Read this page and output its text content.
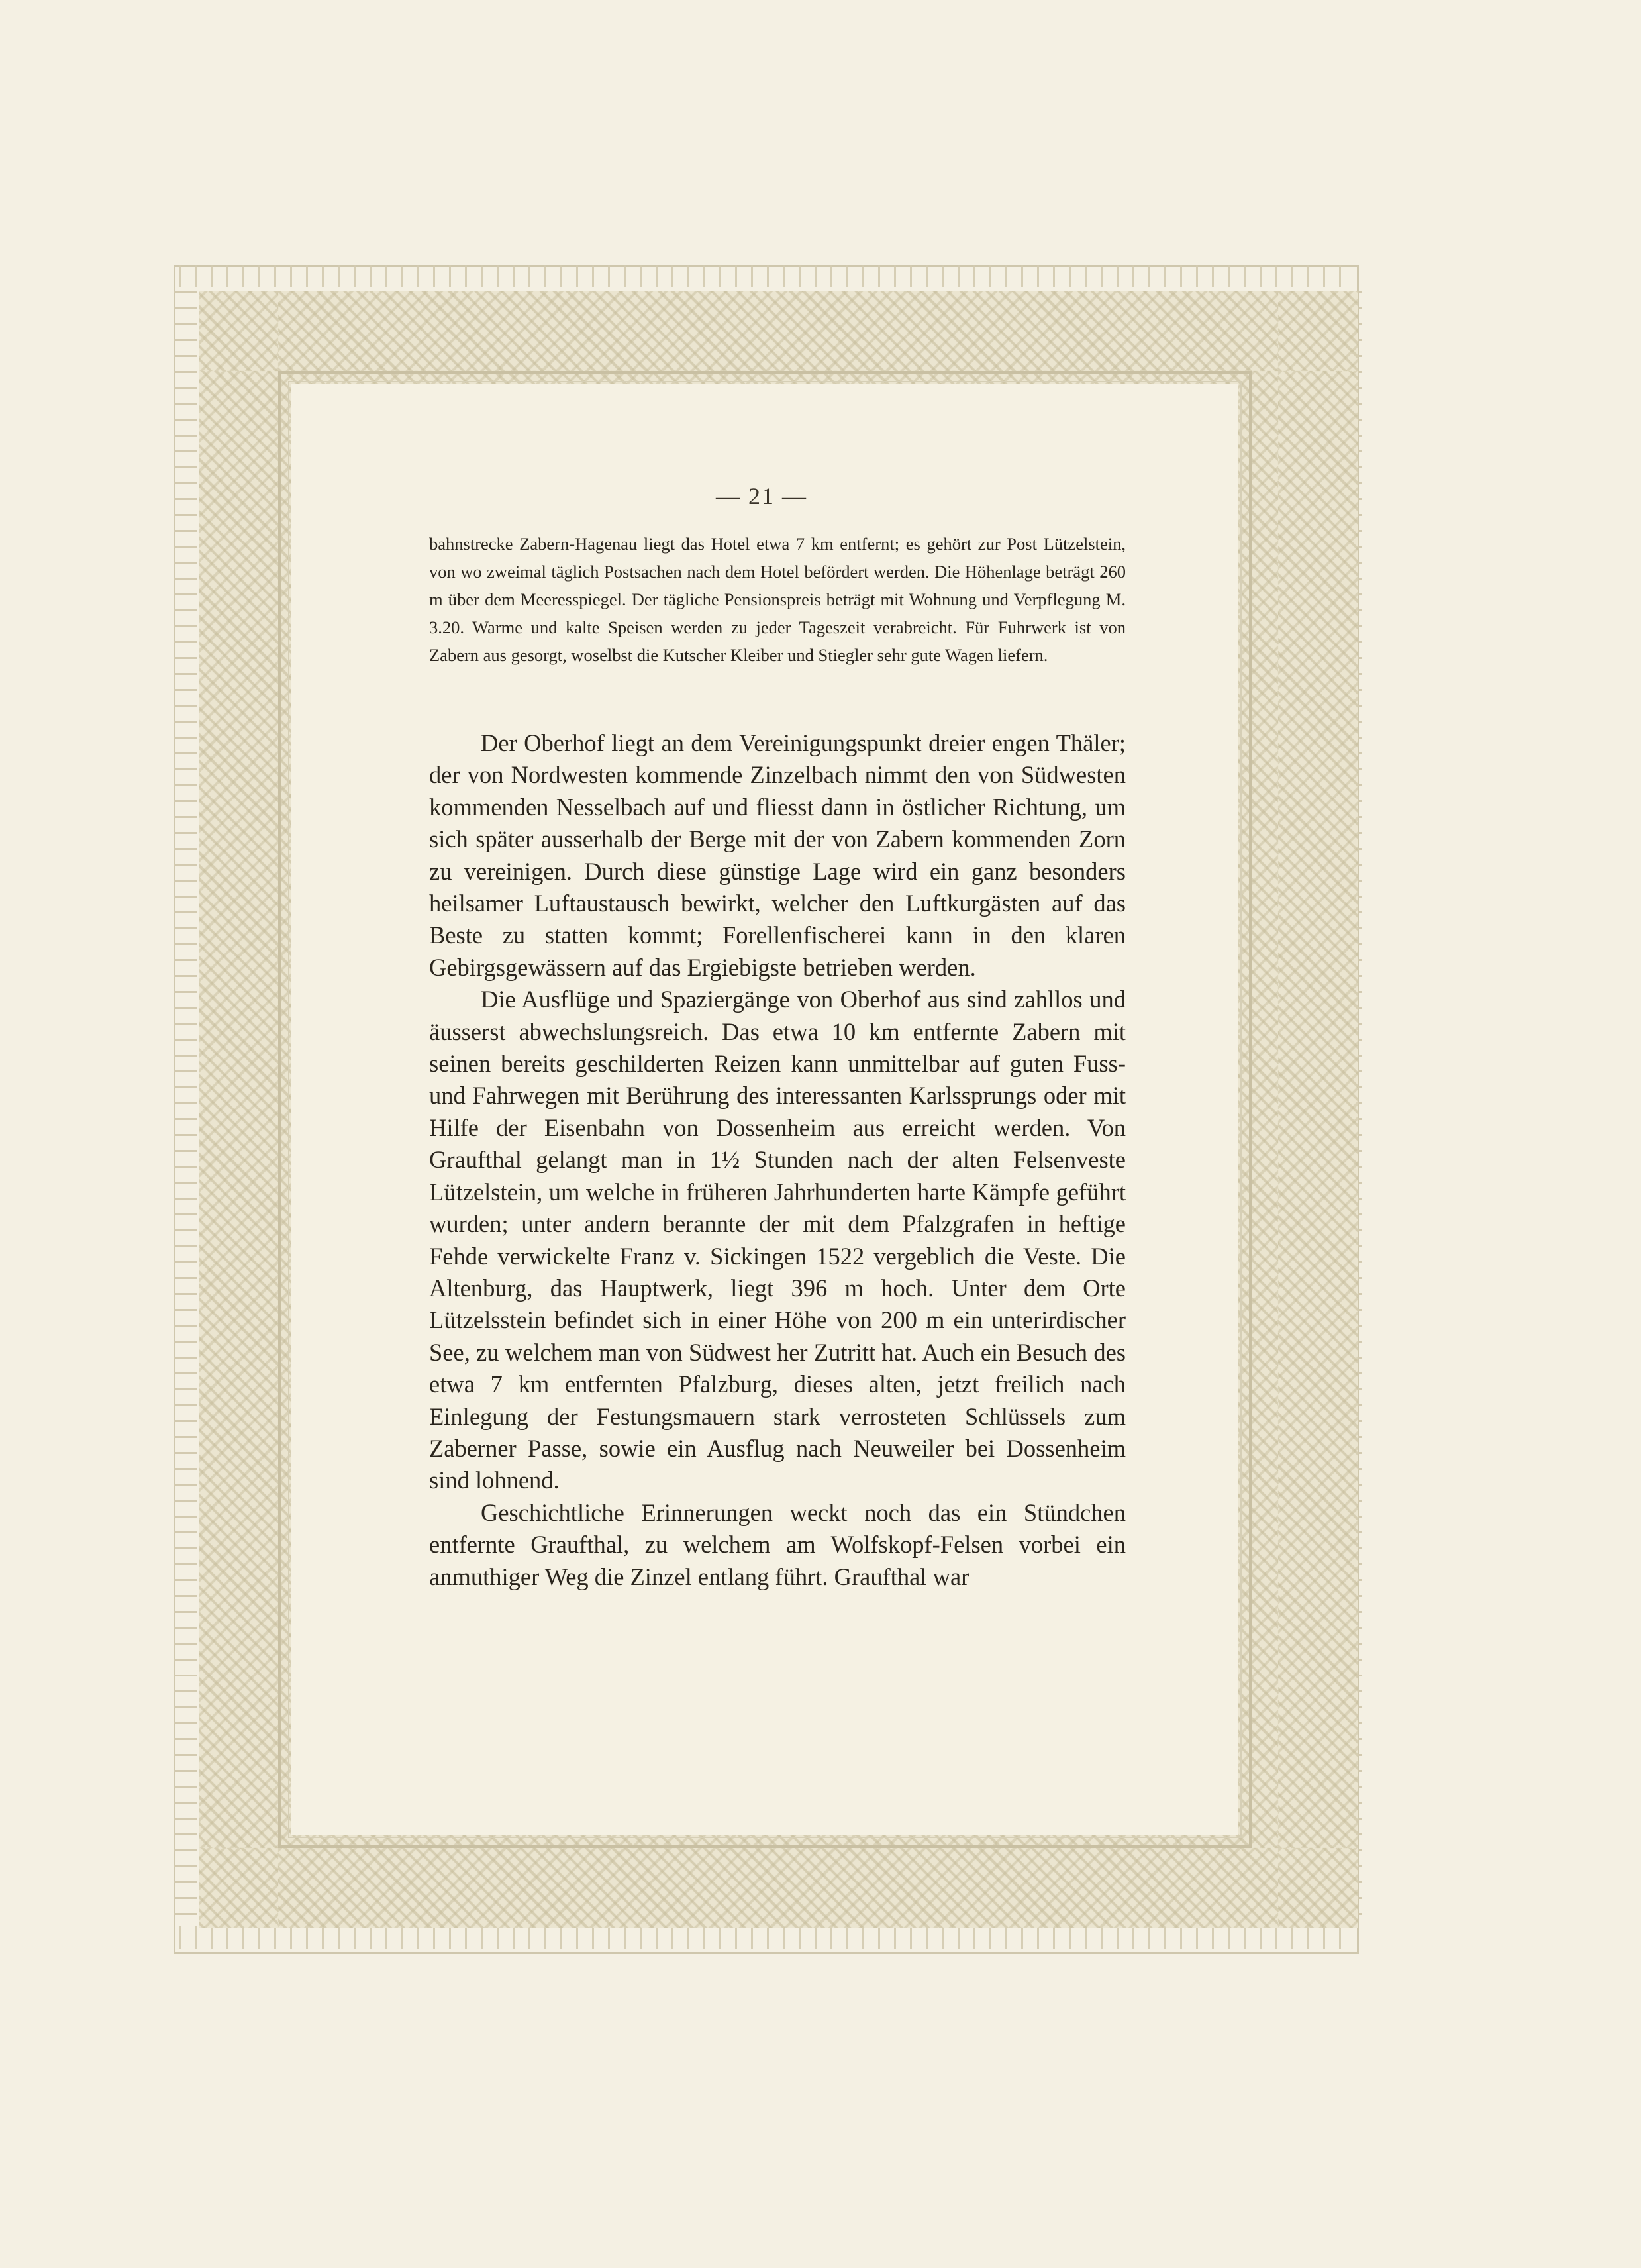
— 21 —
bahnstrecke Zabern-Hagenau liegt das Hotel etwa 7 km entfernt; es gehört zur Post Lützelstein, von wo zweimal täglich Postsachen nach dem Hotel befördert werden. Die Höhenlage beträgt 260 m über dem Meeresspiegel. Der tägliche Pensionspreis beträgt mit Wohnung und Verpflegung M. 3.20. Warme und kalte Speisen werden zu jeder Tageszeit verabreicht. Für Fuhrwerk ist von Zabern aus gesorgt, woselbst die Kutscher Kleiber und Stiegler sehr gute Wagen liefern.

Der Oberhof liegt an dem Vereinigungspunkt dreier engen Thäler; der von Nordwesten kommende Zinzelbach nimmt den von Südwesten kommenden Nesselbach auf und fliesst dann in östlicher Richtung, um sich später ausserhalb der Berge mit der von Zabern kommenden Zorn zu vereinigen. Durch diese günstige Lage wird ein ganz besonders heilsamer Luftaustausch bewirkt, welcher den Luftkurgästen auf das Beste zu statten kommt; Forellenfischerei kann in den klaren Gebirgsgewässern auf das Ergiebigste betrieben werden.

Die Ausflüge und Spaziergänge von Oberhof aus sind zahllos und äusserst abwechslungsreich. Das etwa 10 km entfernte Zabern mit seinen bereits geschilderten Reizen kann unmittelbar auf guten Fuss- und Fahrwegen mit Berührung des interessanten Karlssprungs oder mit Hilfe der Eisenbahn von Dossenheim aus erreicht werden. Von Graufthal gelangt man in 1½ Stunden nach der alten Felsenveste Lützelstein, um welche in früheren Jahrhunderten harte Kämpfe geführt wurden; unter andern berannte der mit dem Pfalzgrafen in heftige Fehde verwickelte Franz v. Sickingen 1522 vergeblich die Veste. Die Altenburg, das Hauptwerk, liegt 396 m hoch. Unter dem Orte Lützelsstein befindet sich in einer Höhe von 200 m ein unterirdischer See, zu welchem man von Südwest her Zutritt hat. Auch ein Besuch des etwa 7 km entfernten Pfalzburg, dieses alten, jetzt freilich nach Einlegung der Festungsmauern stark verrosteten Schlüssels zum Zaberner Passe, sowie ein Ausflug nach Neuweiler bei Dossenheim sind lohnend.

Geschichtliche Erinnerungen weckt noch das ein Stündchen entfernte Graufthal, zu welchem am Wolfskopf-Felsen vorbei ein anmuthiger Weg die Zinzel entlang führt. Graufthal war
